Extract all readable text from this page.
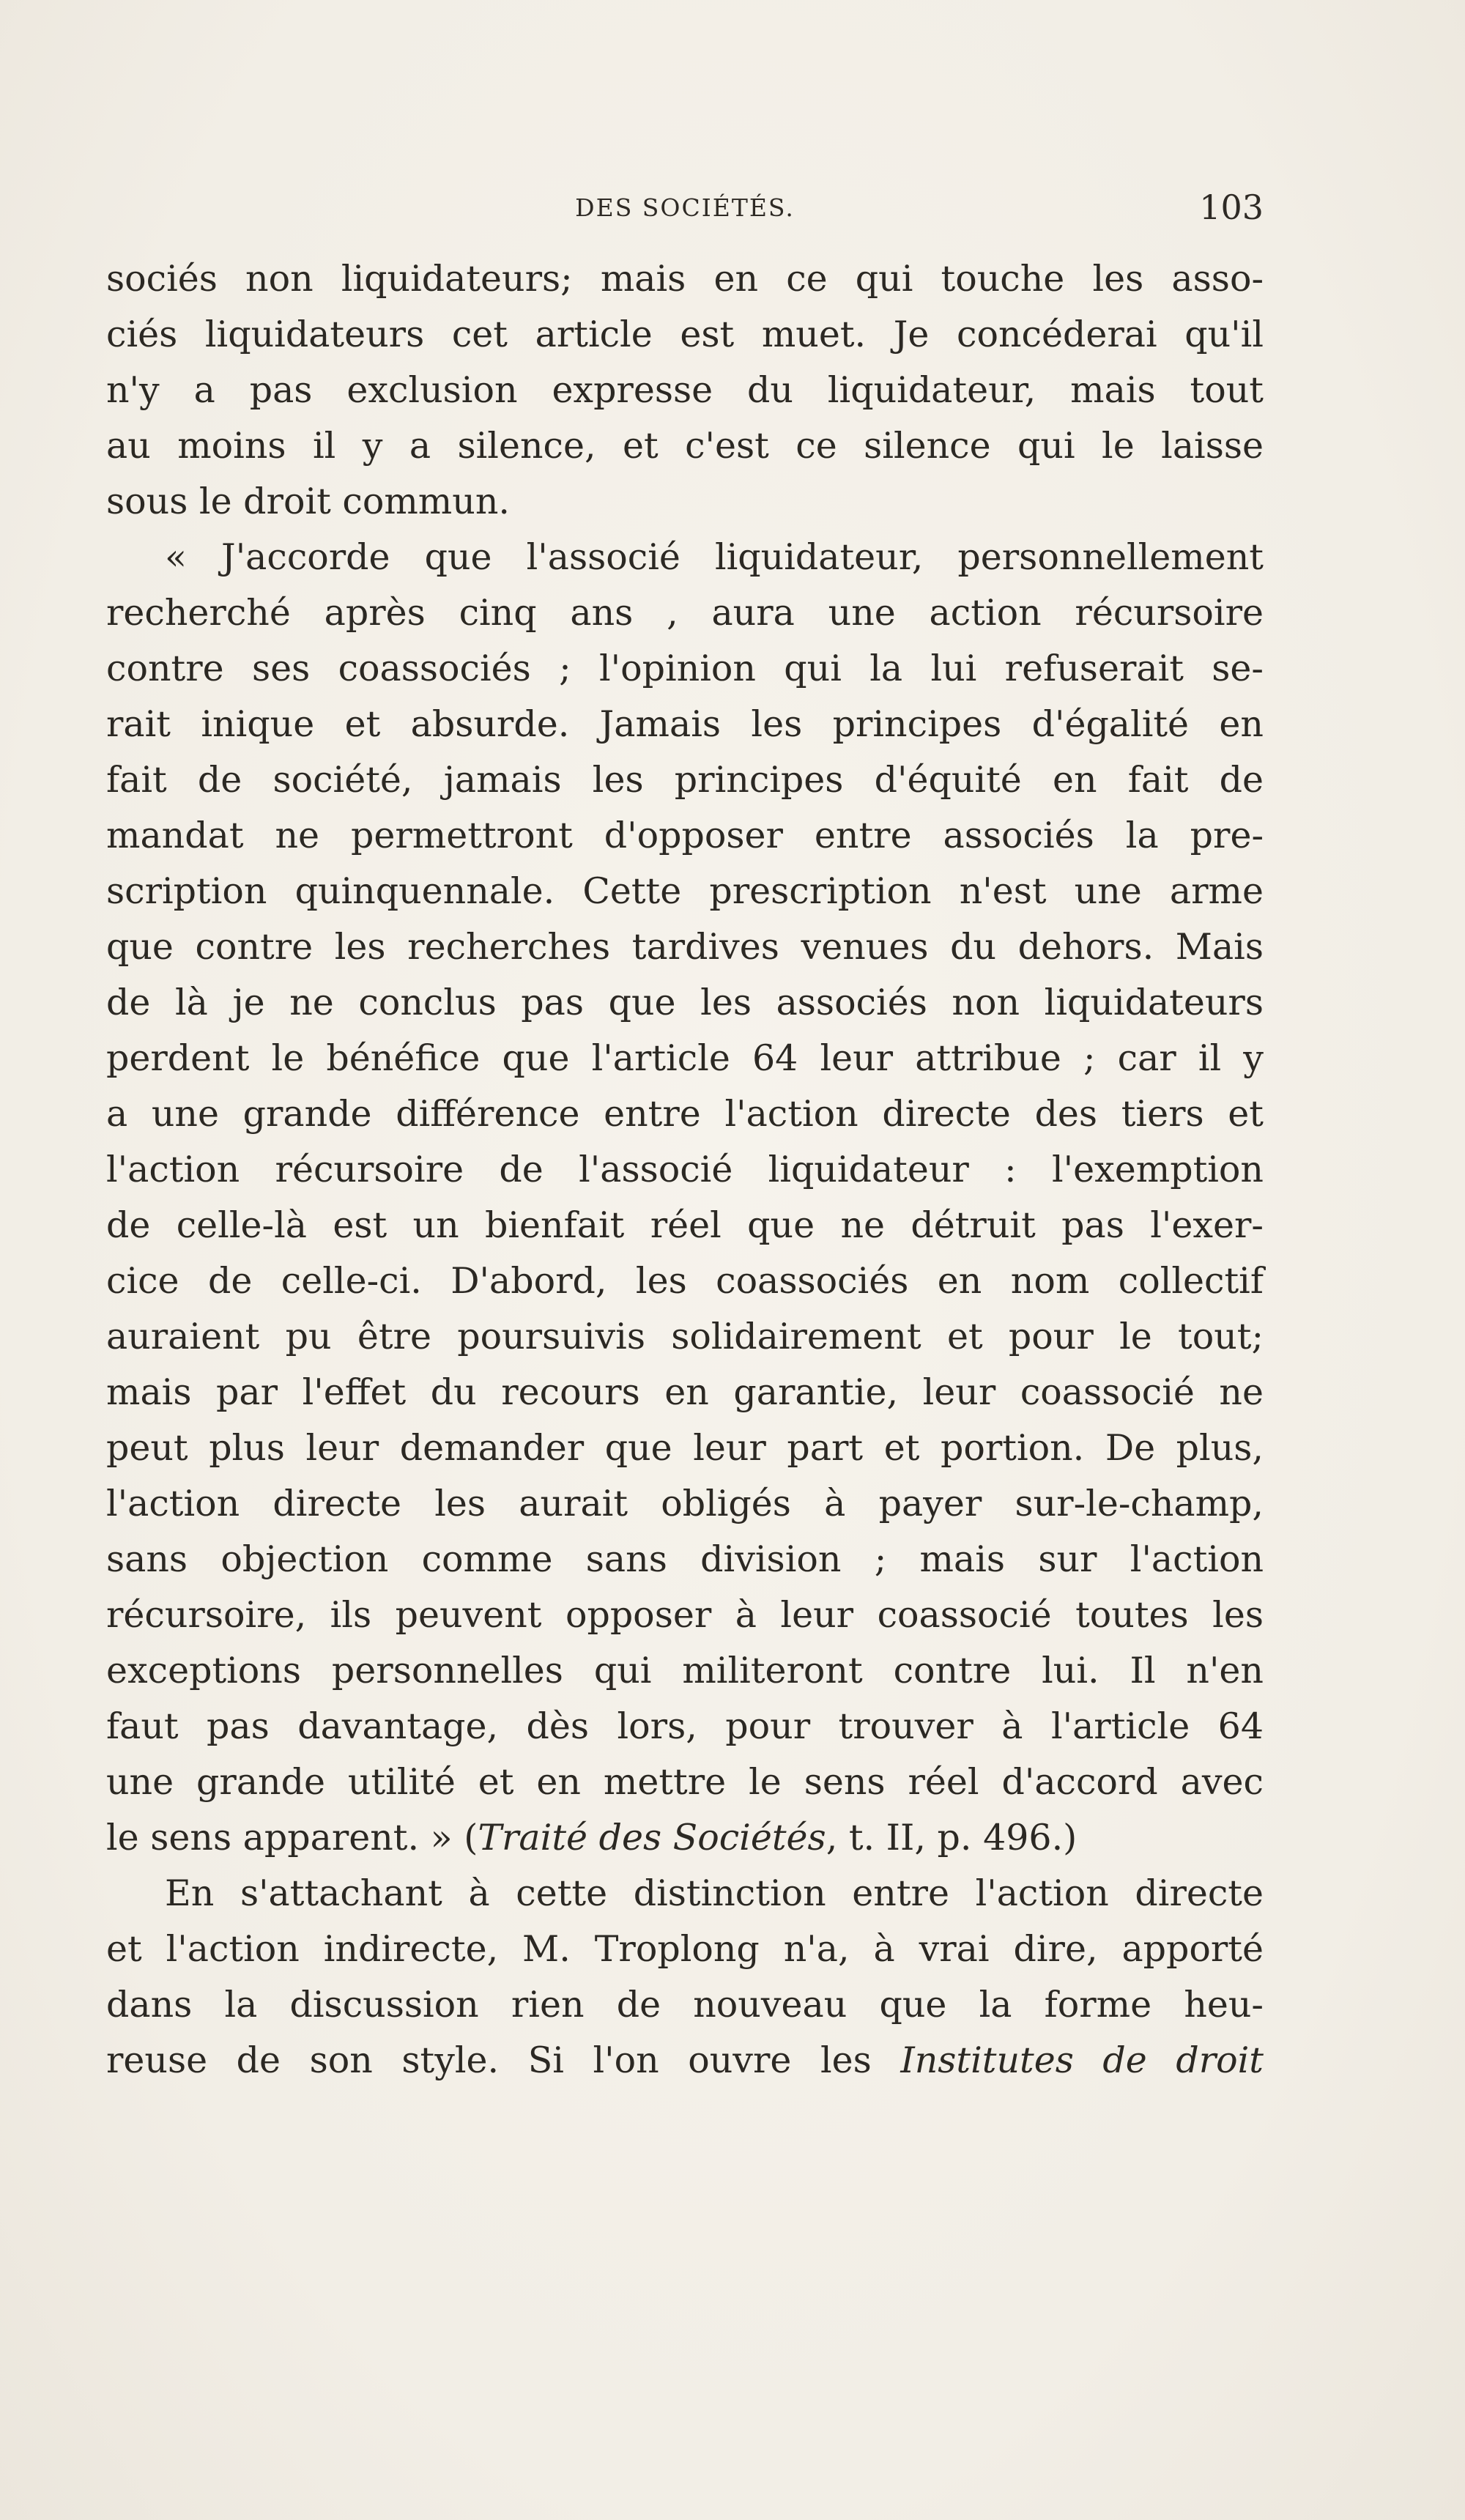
DES SOCIÉTÉS.	103
sociés non liquidateurs; mais en ce qui touche les asso-
ciés liquidateurs cet article est muet. Je concéderai qu'il
n'y a pas exclusion expresse du liquidateur, mais tout
au moins il y a silence, et c'est ce silence qui le laisse
sous le droit commun.
« J'accorde que l'associé liquidateur, personnellement
recherché après cinq ans , aura une action récursoire
contre ses coassociés ; l'opinion qui la lui refuserait se-
rait inique et absurde. Jamais les principes d'égalité en
fait de société, jamais les principes d'équité en fait de
mandat ne permettront d'opposer entre associés la pre-
scription quinquennale. Cette prescription n'est une arme
que contre les recherches tardives venues du dehors. Mais
de là je ne conclus pas que les associés non liquidateurs
perdent le bénéfice que l'article 64 leur attribue ; car il y
a une grande différence entre l'action directe des tiers et
l'action récursoire de l'associé liquidateur : l'exemption
de celle-là est un bienfait réel que ne détruit pas l'exer-
cice de celle-ci. D'abord, les coassociés en nom collectif
auraient pu être poursuivis solidairement et pour le tout;
mais par l'effet du recours en garantie, leur coassocié ne
peut plus leur demander que leur part et portion. De plus,
l'action directe les aurait obligés à payer sur-le-champ,
sans objection comme sans division ; mais sur l'action
récursoire, ils peuvent opposer à leur coassocié toutes les
exceptions personnelles qui militeront contre lui. Il n'en
faut pas davantage, dès lors, pour trouver à l'article 64
une grande utilité et en mettre le sens réel d'accord avec
le sens apparent. » (Traité des Sociétés, t. II, p. 496.)
En s'attachant à cette distinction entre l'action directe
et l'action indirecte, M. Troplong n'a, à vrai dire, apporté
dans la discussion rien de nouveau que la forme heu-
reuse de son style. Si l'on ouvre les Institutes de droit
